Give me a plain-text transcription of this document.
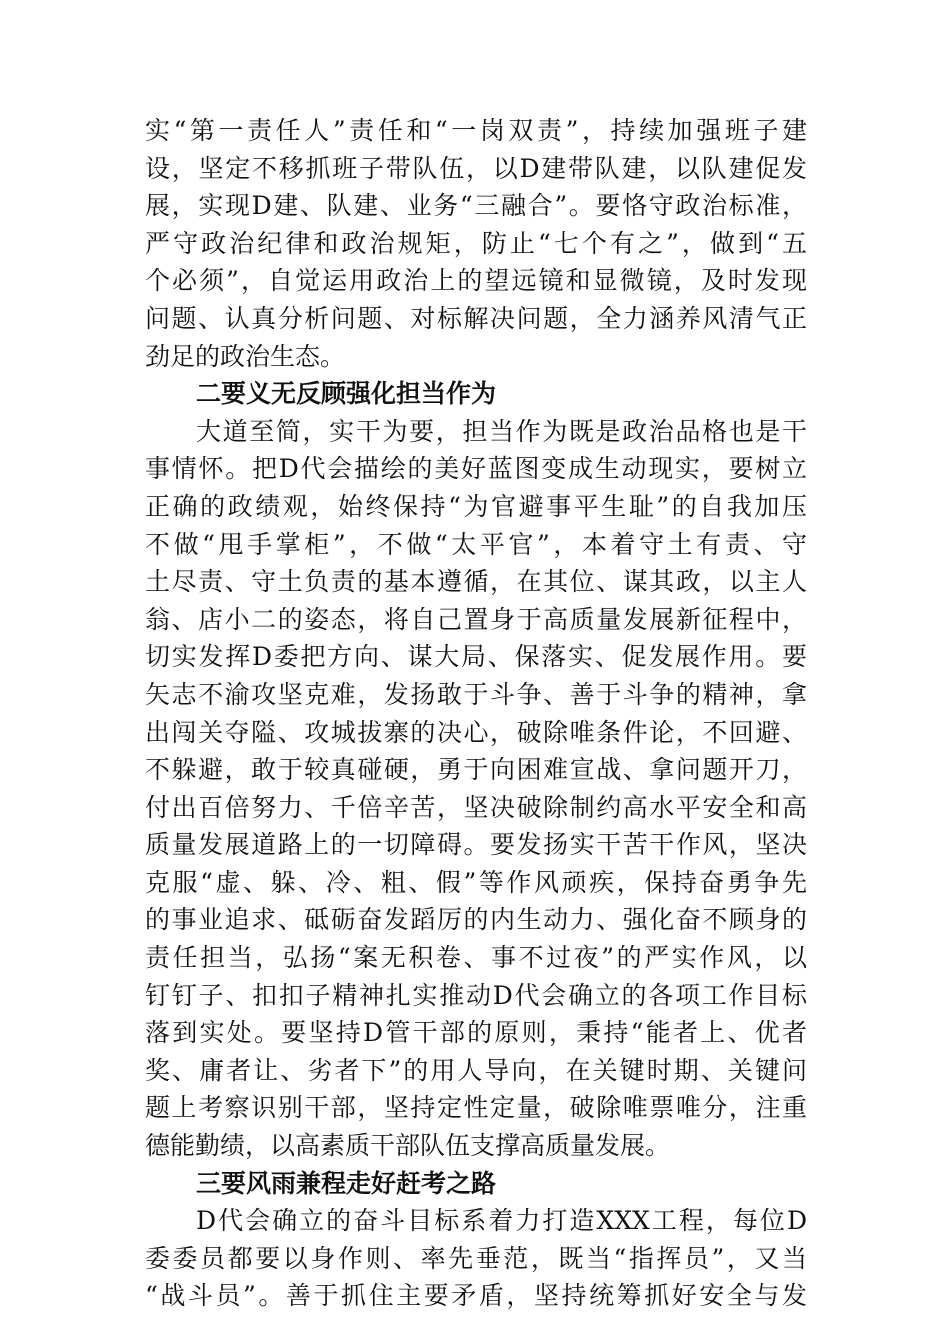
实“第一责任人”责任和“一岗双责”，持续加强班子建
设，坚定不移抓班子带队伍，以D建带队建，以队建促发
展，实现D建、队建、业务“三融合”。要恪守政治标准，
严守政治纪律和政治规矩，防止“七个有之”，做到“五
个必须”，自觉运用政治上的望远镜和显微镜，及时发现
问题、认真分析问题、对标解决问题，全力涵养风清气正
劲足的政治生态。
二要义无反顾强化担当作为
大道至简，实干为要，担当作为既是政治品格也是干
事情怀。把D代会描绘的美好蓝图变成生动现实，要树立
正确的政绩观，始终保持“为官避事平生耻”的自我加压
不做“甩手掌柜”，不做“太平官”，本着守土有责、守
土尽责、守土负责的基本遵循，在其位、谋其政，以主人
翁、店小二的姿态，将自己置身于高质量发展新征程中，
切实发挥D委把方向、谋大局、保落实、促发展作用。要
矢志不渝攻坚克难，发扬敢于斗争、善于斗争的精神，拿
出闯关夺隘、攻城拔寨的决心，破除唯条件论，不回避、
不躲避，敢于较真碰硬，勇于向困难宣战、拿问题开刀，
付出百倍努力、千倍辛苦，坚决破除制约高水平安全和高
质量发展道路上的一切障碍。要发扬实干苦干作风，坚决
克服“虚、躲、冷、粗、假”等作风顽疾，保持奋勇争先
的事业追求、砥砺奋发蹈厉的内生动力、强化奋不顾身的
责任担当，弘扬“案无积卷、事不过夜”的严实作风，以
钉钉子、扣扣子精神扎实推动D代会确立的各项工作目标
落到实处。要坚持D管干部的原则，秉持“能者上、优者
奖、庸者让、劣者下”的用人导向，在关键时期、关键问
题上考察识别干部，坚持定性定量，破除唯票唯分，注重
德能勤绩，以高素质干部队伍支撑高质量发展。
三要风雨兼程走好赶考之路
D代会确立的奋斗目标系着力打造XXX工程，每位D
委委员都要以身作则、率先垂范，既当“指挥员”，又当
“战斗员”。善于抓住主要矛盾，坚持统筹抓好安全与发
